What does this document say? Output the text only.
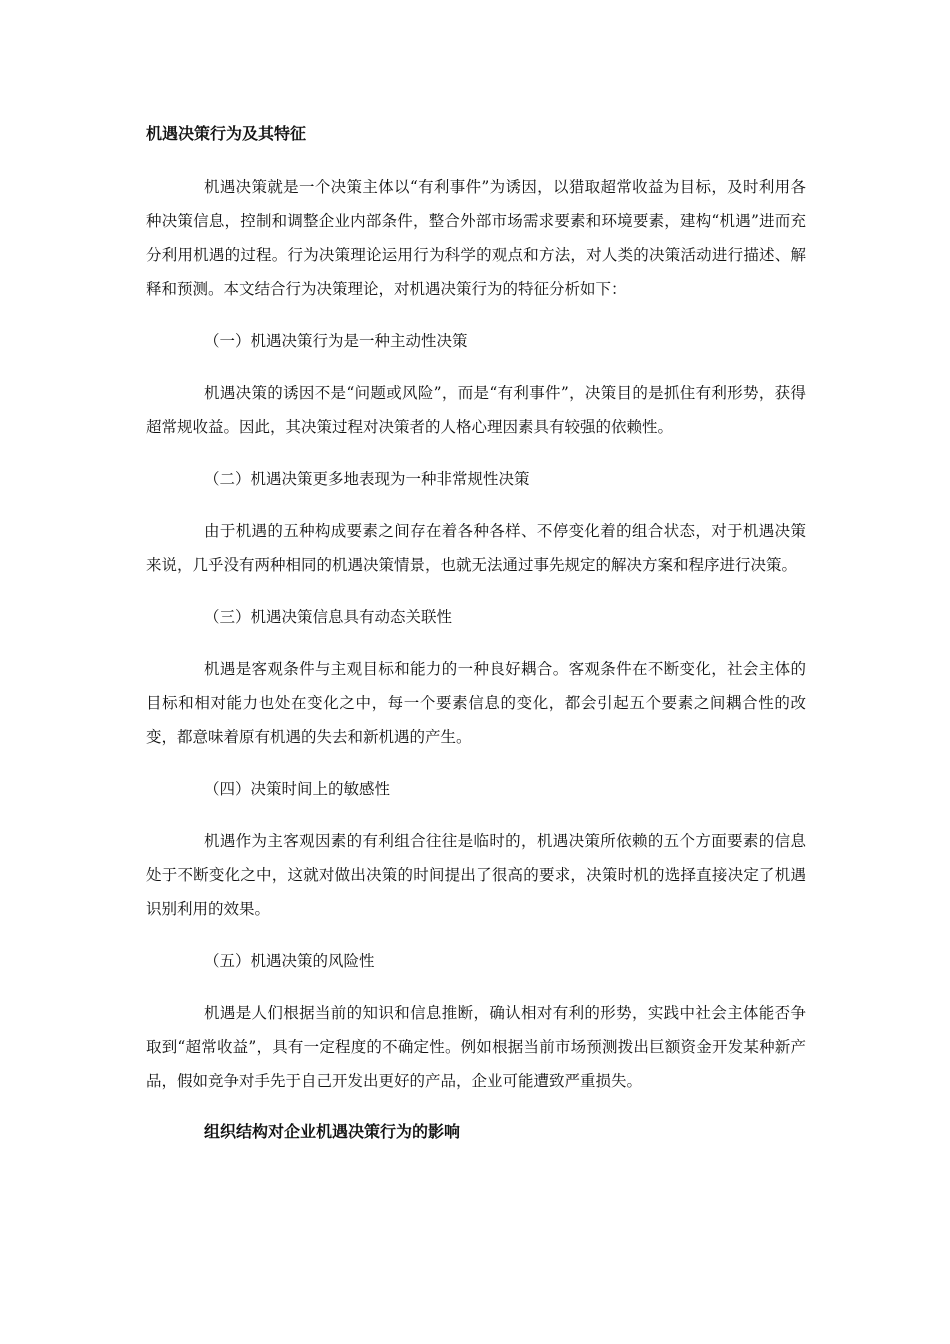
机遇决策行为及其特征

机遇决策就是一个决策主体以“有利事件”为诱因，以猎取超常收益为目标，及时利用各种决策信息，控制和调整企业内部条件，整合外部市场需求要素和环境要素，建构“机遇”进而充分利用机遇的过程。行为决策理论运用行为科学的观点和方法，对人类的决策活动进行描述、解释和预测。本文结合行为决策理论，对机遇决策行为的特征分析如下：

（一）机遇决策行为是一种主动性决策

机遇决策的诱因不是“问题或风险”，而是“有利事件”，决策目的是抓住有利形势，获得超常规收益。因此，其决策过程对决策者的人格心理因素具有较强的依赖性。

（二）机遇决策更多地表现为一种非常规性决策

由于机遇的五种构成要素之间存在着各种各样、不停变化着的组合状态，对于机遇决策来说，几乎没有两种相同的机遇决策情景，也就无法通过事先规定的解决方案和程序进行决策。

（三）机遇决策信息具有动态关联性

机遇是客观条件与主观目标和能力的一种良好耦合。客观条件在不断变化，社会主体的目标和相对能力也处在变化之中，每一个要素信息的变化，都会引起五个要素之间耦合性的改变，都意味着原有机遇的失去和新机遇的产生。

（四）决策时间上的敏感性

机遇作为主客观因素的有利组合往往是临时的，机遇决策所依赖的五个方面要素的信息处于不断变化之中，这就对做出决策的时间提出了很高的要求，决策时机的选择直接决定了机遇识别利用的效果。

（五）机遇决策的风险性

机遇是人们根据当前的知识和信息推断，确认相对有利的形势，实践中社会主体能否争取到“超常收益”，具有一定程度的不确定性。例如根据当前市场预测拨出巨额资金开发某种新产品，假如竞争对手先于自己开发出更好的产品，企业可能遭致严重损失。

组织结构对企业机遇决策行为的影响
